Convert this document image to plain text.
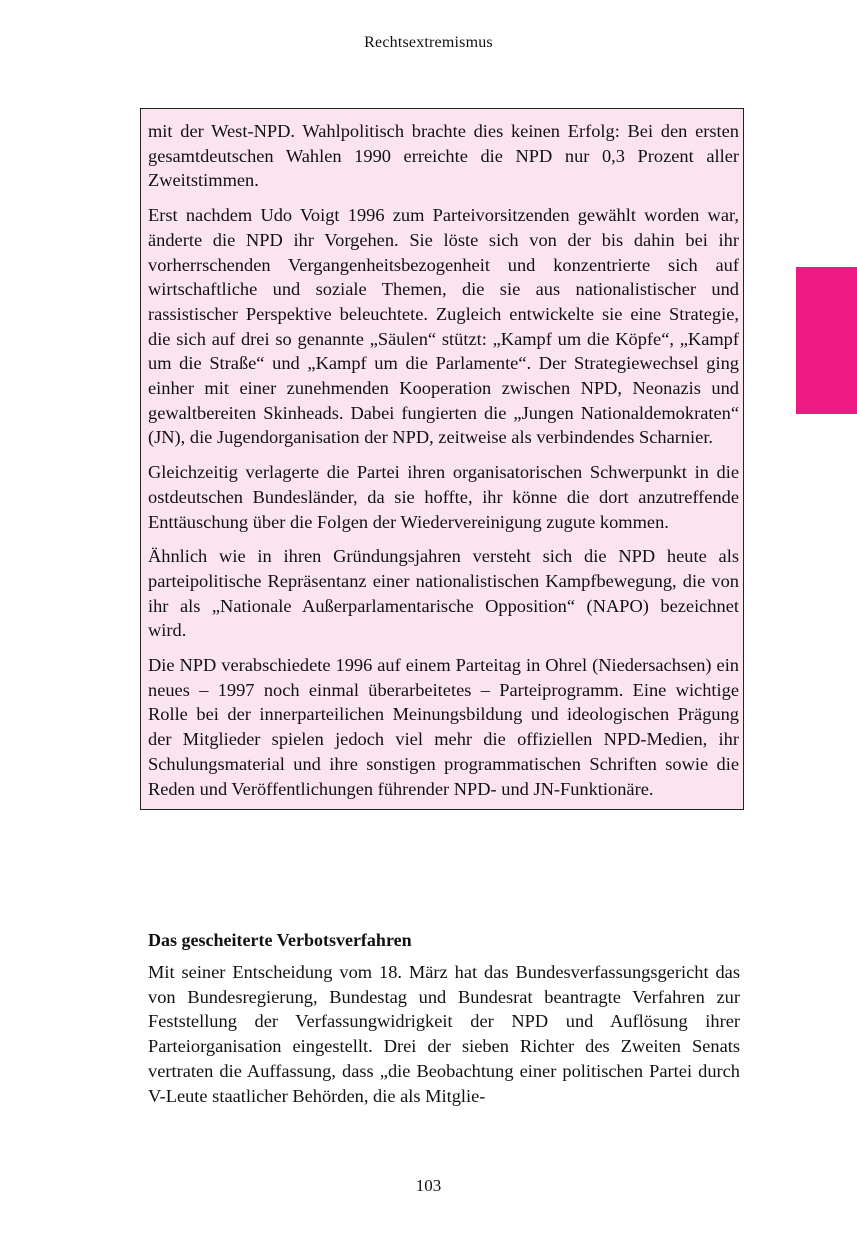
Rechtsextremismus

mit der West-NPD. Wahlpolitisch brachte dies keinen Erfolg: Bei den ersten gesamtdeutschen Wahlen 1990 erreichte die NPD nur 0,3 Prozent aller Zweitstimmen.

Erst nachdem Udo Voigt 1996 zum Parteivorsitzenden gewählt worden war, änderte die NPD ihr Vorgehen. Sie löste sich von der bis dahin bei ihr vorherrschenden Vergangenheitsbezogenheit und konzentrierte sich auf wirtschaftliche und soziale Themen, die sie aus nationalistischer und rassistischer Perspektive beleuchtete. Zugleich entwickelte sie eine Strategie, die sich auf drei so genannte „Säulen“ stützt: „Kampf um die Köpfe“, „Kampf um die Straße“ und „Kampf um die Parlamente“. Der Strategiewechsel ging einher mit einer zunehmenden Kooperation zwischen NPD, Neonazis und gewaltbereiten Skinheads. Dabei fungierten die „Jungen Nationaldemokraten“ (JN), die Jugendorganisation der NPD, zeitweise als verbindendes Scharnier.

Gleichzeitig verlagerte die Partei ihren organisatorischen Schwerpunkt in die ostdeutschen Bundesländer, da sie hoffte, ihr könne die dort anzutreffende Enttäuschung über die Folgen der Wiedervereinigung zugute kommen.

Ähnlich wie in ihren Gründungsjahren versteht sich die NPD heute als parteipolitische Repräsentanz einer nationalistischen Kampfbewegung, die von ihr als „Nationale Außerparlamentarische Opposition“ (NAPO) bezeichnet wird.

Die NPD verabschiedete 1996 auf einem Parteitag in Ohrel (Niedersachsen) ein neues – 1997 noch einmal überarbeitetes – Parteiprogramm. Eine wichtige Rolle bei der innerparteilichen Meinungsbildung und ideologischen Prägung der Mitglieder spielen jedoch viel mehr die offiziellen NPD-Medien, ihr Schulungsmaterial und ihre sonstigen programmatischen Schriften sowie die Reden und Veröffentlichungen führender NPD- und JN-Funktionäre.

Das gescheiterte Verbotsverfahren

Mit seiner Entscheidung vom 18. März hat das Bundesverfassungsgericht das von Bundesregierung, Bundestag und Bundesrat beantragte Verfahren zur Feststellung der Verfassungwidrigkeit der NPD und Auflösung ihrer Parteiorganisation eingestellt. Drei der sieben Richter des Zweiten Senats vertraten die Auffassung, dass „die Beobachtung einer politischen Partei durch V-Leute staatlicher Behörden, die als Mitglie-

103
